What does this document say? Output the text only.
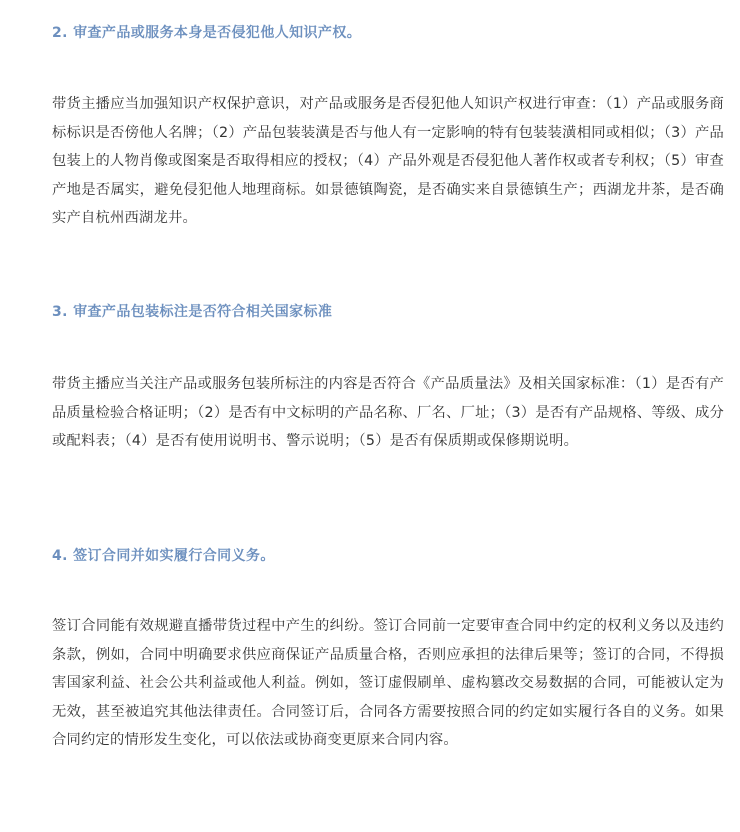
2. 审查产品或服务本身是否侵犯他人知识产权。

带货主播应当加强知识产权保护意识，对产品或服务是否侵犯他人知识产权进行审查：（1）产品或服务商标标识是否傍他人名牌；（2）产品包装装潢是否与他人有一定影响的特有包装装潢相同或相似；（3）产品包装上的人物肖像或图案是否取得相应的授权；（4）产品外观是否侵犯他人著作权或者专利权；（5）审查产地是否属实，避免侵犯他人地理商标。如景德镇陶瓷，是否确实来自景德镇生产；西湖龙井茶，是否确实产自杭州西湖龙井。

3. 审查产品包装标注是否符合相关国家标准

带货主播应当关注产品或服务包装所标注的内容是否符合《产品质量法》及相关国家标准：（1）是否有产品质量检验合格证明；（2）是否有中文标明的产品名称、厂名、厂址；（3）是否有产品规格、等级、成分或配料表；（4）是否有使用说明书、警示说明；（5）是否有保质期或保修期说明。

4. 签订合同并如实履行合同义务。

签订合同能有效规避直播带货过程中产生的纠纷。签订合同前一定要审查合同中约定的权利义务以及违约条款，例如，合同中明确要求供应商保证产品质量合格，否则应承担的法律后果等；签订的合同，不得损害国家利益、社会公共利益或他人利益。例如，签订虚假刷单、虚构篡改交易数据的合同，可能被认定为无效，甚至被追究其他法律责任。合同签订后，合同各方需要按照合同的约定如实履行各自的义务。如果合同约定的情形发生变化，可以依法或协商变更原来合同内容。
